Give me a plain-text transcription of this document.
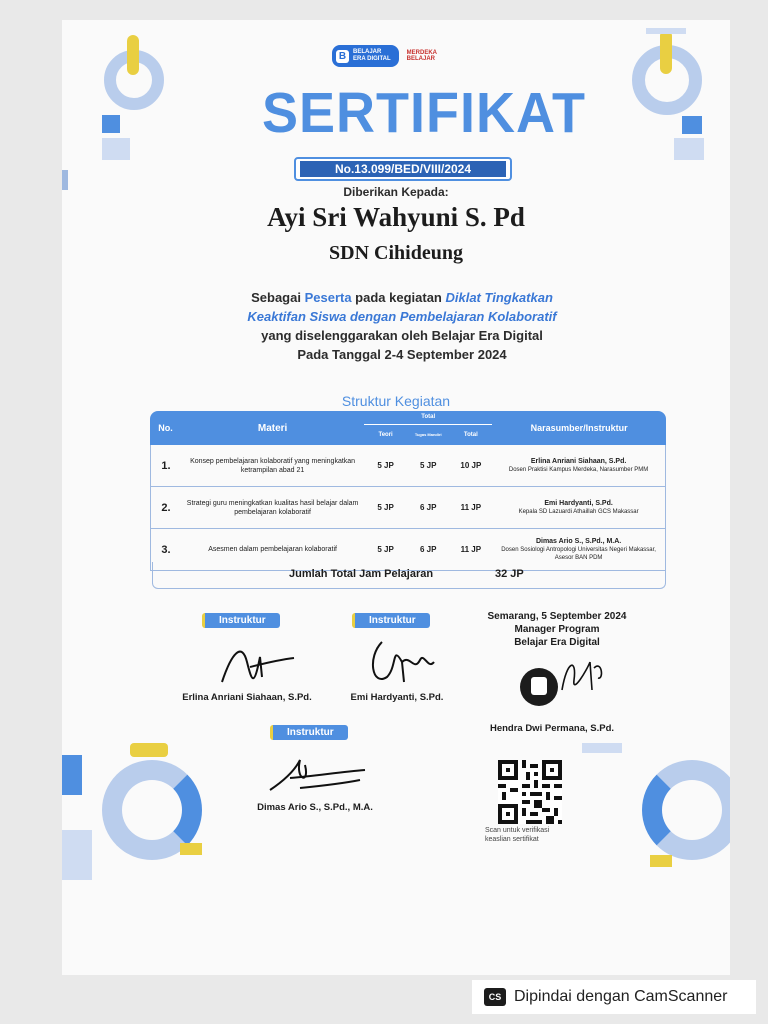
B	BELAJAR
ERA DIGITAL
MERDEKA
BELAJAR
SERTIFIKAT
No.13.099/BED/VIII/2024
Diberikan Kepada:
Ayi Sri Wahyuni S. Pd
SDN Cihideung
Sebagai Peserta pada kegiatan Diklat Tingkatkan
Keaktifan Siswa dengan Pembelajaran Kolaboratif
yang diselenggarakan oleh Belajar Era Digital
Pada Tanggal 2-4 September 2024
Struktur Kegiatan
No.	Materi	Total			Narasumber/Instruktur
		Teori	Tugas Mandiri	Total	
1.	Konsep pembelajaran kolaboratif yang meningkatkan ketrampilan abad 21	5 JP	5 JP	10 JP	Erlina Anriani Siahaan, S.Pd.
Dosen Praktisi Kampus Merdeka, Narasumber PMM
2.	Strategi guru meningkatkan kualitas hasil belajar dalam pembelajaran kolaboratif	5 JP	6 JP	11 JP	Emi Hardyanti, S.Pd.
Kepala SD Lazuardi Athaillah GCS Makassar
3.	Asesmen dalam pembelajaran kolaboratif	5 JP	6 JP	11 JP	Dimas Ario S., S.Pd., M.A.
Dosen Sosiologi Antropologi Universitas Negeri Makassar, Asesor BAN PDM
Jumlah Total Jam Pelajaran	32 JP
Instruktur
Erlina Anriani Siahaan, S.Pd.
Instruktur
Emi Hardyanti, S.Pd.
Semarang, 5 September 2024
Manager Program
Belajar Era Digital
Hendra Dwi Permana, S.Pd.
Instruktur
Dimas Ario S., S.Pd., M.A.
Scan untuk verifikasi
keaslian sertifikat
CS Dipindai dengan CamScanner
